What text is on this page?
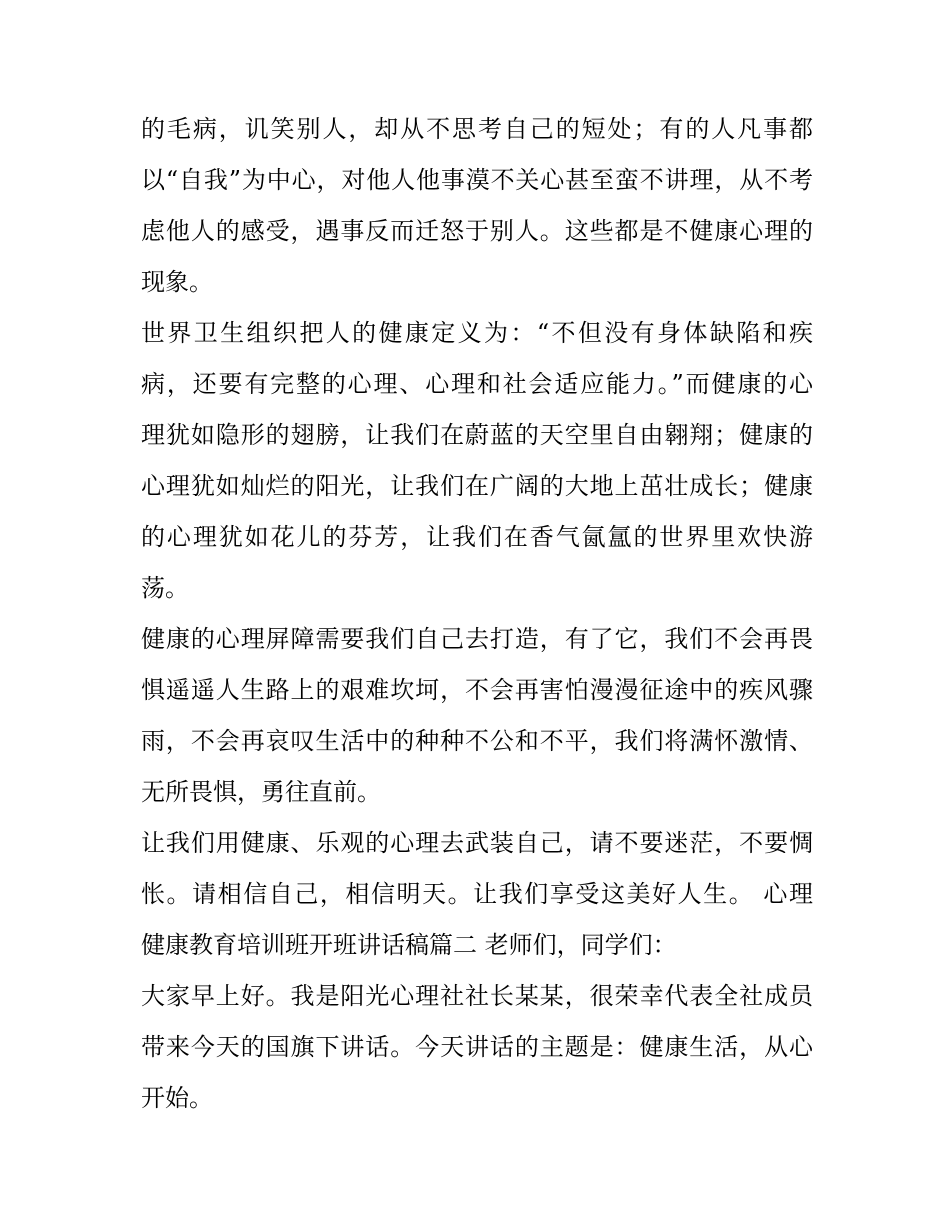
的毛病，讥笑别人，却从不思考自己的短处；有的人凡事都
以“自我”为中心，对他人他事漠不关心甚至蛮不讲理，从不考
虑他人的感受，遇事反而迁怒于别人。这些都是不健康心理的
现象。
世界卫生组织把人的健康定义为：“不但没有身体缺陷和疾
病，还要有完整的心理、心理和社会适应能力。”而健康的心
理犹如隐形的翅膀，让我们在蔚蓝的天空里自由翱翔；健康的
心理犹如灿烂的阳光，让我们在广阔的大地上茁壮成长；健康
的心理犹如花儿的芬芳，让我们在香气氤氲的世界里欢快游
荡。
健康的心理屏障需要我们自己去打造，有了它，我们不会再畏
惧遥遥人生路上的艰难坎坷，不会再害怕漫漫征途中的疾风骤
雨，不会再哀叹生活中的种种不公和不平，我们将满怀激情、
无所畏惧，勇往直前。
让我们用健康、乐观的心理去武装自己，请不要迷茫，不要惆
怅。请相信自己，相信明天。让我们享受这美好人生。 心理
健康教育培训班开班讲话稿篇二 老师们，同学们：
大家早上好。我是阳光心理社社长某某，很荣幸代表全社成员
带来今天的国旗下讲话。今天讲话的主题是：健康生活，从心
开始。
